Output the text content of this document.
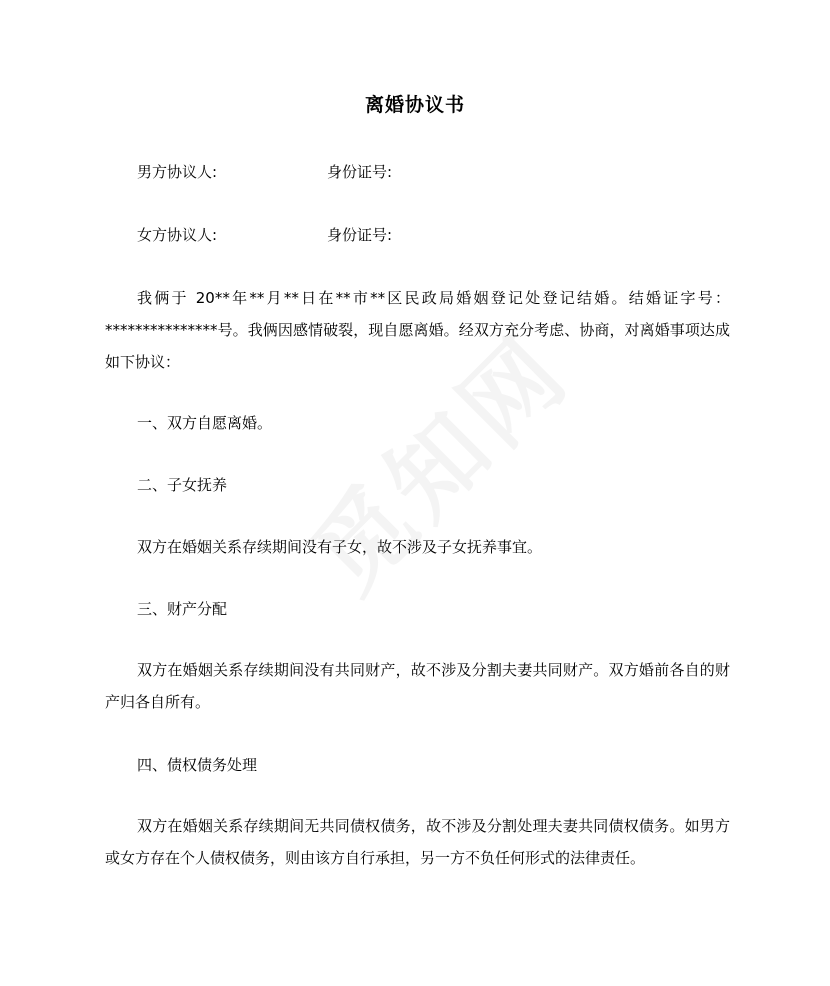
离婚协议书
男方协议人:	身份证号:
女方协议人:	身份证号:
我俩于 20**年**月**日在**市**区民政局婚姻登记处登记结婚。结婚证字号：***************号。我俩因感情破裂，现自愿离婚。经双方充分考虑、协商，对离婚事项达成如下协议：
一、双方自愿离婚。
二、子女抚养
双方在婚姻关系存续期间没有子女，故不涉及子女抚养事宜。
三、财产分配
双方在婚姻关系存续期间没有共同财产，故不涉及分割夫妻共同财产。双方婚前各自的财产归各自所有。
四、债权债务处理
双方在婚姻关系存续期间无共同债权债务，故不涉及分割处理夫妻共同债权债务。如男方或女方存在个人债权债务，则由该方自行承担，另一方不负任何形式的法律责任。
